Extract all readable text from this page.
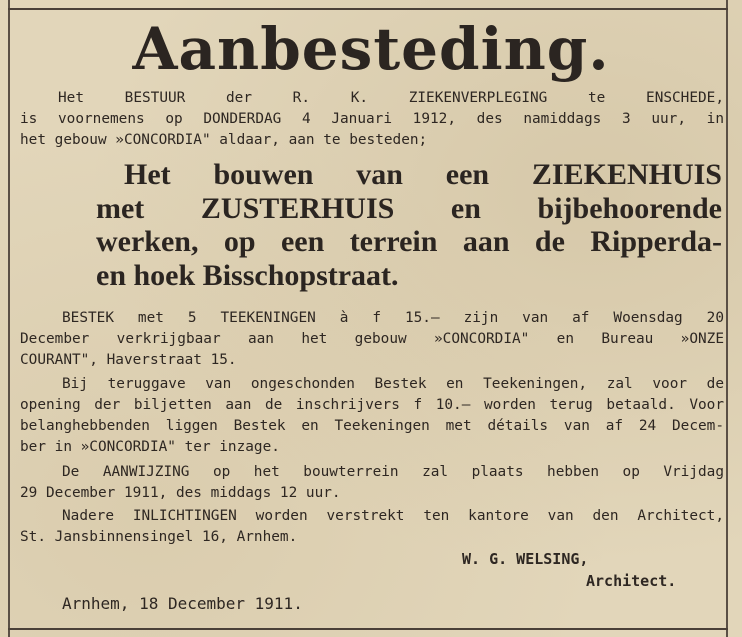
Aanbesteding.
Het BESTUUR der R. K. ZIEKENVERPLEGING te ENSCHEDE,
is voornemens op DONDERDAG 4 Januari 1912, des namiddags 3 uur, in
het gebouw »CONCORDIA" aldaar, aan te besteden;
Het bouwen van een ZIEKENHUIS
met ZUSTERHUIS en bijbehoorende
werken, op een terrein aan de Ripperda-
en hoek Bisschopstraat.
BESTEK met 5 TEEKENINGEN à f 15.— zijn van af Woensdag 20
December verkrijgbaar aan het gebouw »CONCORDIA" en Bureau »ONZE
COURANT", Haverstraat 15.
Bij teruggave van ongeschonden Bestek en Teekeningen, zal voor de
opening der biljetten aan de inschrijvers f 10.— worden terug betaald. Voor
belanghebbenden liggen Bestek en Teekeningen met détails van af 24 Decem-
ber in »CONCORDIA" ter inzage.
De AANWIJZING op het bouwterrein zal plaats hebben op Vrijdag
29 December 1911, des middags 12 uur.
Nadere INLICHTINGEN worden verstrekt ten kantore van den Architect,
St. Jansbinnensingel 16, Arnhem.
W. G. WELSING,
Architect.
Arnhem, 18 December 1911.
